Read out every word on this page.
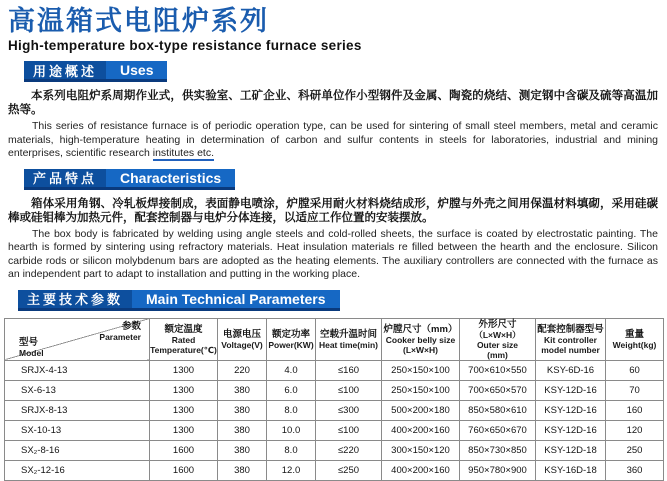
高温箱式电阻炉系列
High-temperature box-type resistance furnace series
用途概述	Uses

本系列电阻炉系周期作业式，供实验室、工矿企业、科研单位作小型钢件及金属、陶瓷的烧结、测定钢中含碳及硫等高温加热等。

This series of resistance furnace is of periodic operation type, can be used for sintering of small steel members, metal and ceramic materials, high-temperature heating in determination of carbon and sulfur contents in steels for laboratories, industrial and mining enterprises, scientific research institutes etc.

产品特点	Characteristics

箱体采用角钢、冷轧板焊接制成，表面静电喷涂，炉膛采用耐火材料烧结成形，炉膛与外壳之间用保温材料填砌，采用硅碳棒或硅钼棒为加热元件，配套控制器与电炉分体连接，以适应工作位置的安装摆放。

The box body is fabricated by welding using angle steels and cold-rolled sheets, the surface is coated by electrostatic painting. The hearth is formed by sintering using refractory materials. Heat insulation materials re filled between the hearth and the enclosure. Silicon carbide rods or silicon molybdenum bars are adopted as the heating elements. The auxiliary controllers are connected with the furnace as an independent part to adapt to installation and putting in the working place.

主要技术参数	Main Technical Parameters
参数
Parameter
型号
Model

额定温度
Rated
Temperature(℃)

电源电压
Voltage(V)

额定功率
Power(KW)

空载升温时间
Heat time(min)

炉膛尺寸（mm）
Cooker belly size
(L×W×H)

外形尺寸
（L×W×H）
Outer size
(mm)

配套控制器型号
Kit controller
model number

重量
Weight(kg)

SRJX-4-13	1300	220	4.0	≤160	250×150×100	700×610×550	KSY-6D-16	60
SX-6-13	1300	380	6.0	≤100	250×150×100	700×650×570	KSY-12D-16	70
SRJX-8-13	1300	380	8.0	≤300	500×200×180	850×580×610	KSY-12D-16	160
SX-10-13	1300	380	10.0	≤100	400×200×160	760×650×670	KSY-12D-16	120
SX₂-8-16	1600	380	8.0	≤220	300×150×120	850×730×850	KSY-12D-18	250
SX₂-12-16	1600	380	12.0	≤250	400×200×160	950×780×900	KSY-16D-18	360
